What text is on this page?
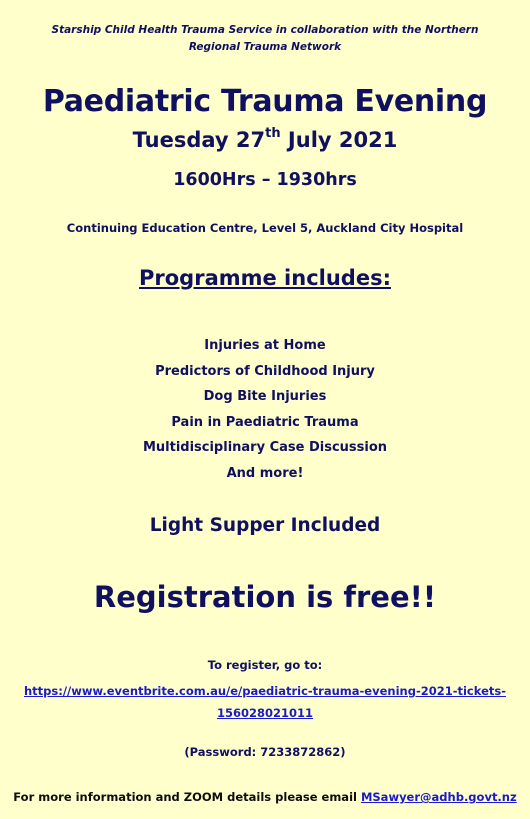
Starship Child Health Trauma Service in collaboration with the Northern
Regional Trauma Network
Paediatric Trauma Evening
Tuesday 27th July 2021
1600Hrs – 1930hrs
Continuing Education Centre, Level 5, Auckland City Hospital
Programme includes:
Injuries at Home
Predictors of Childhood Injury
Dog Bite Injuries
Pain in Paediatric Trauma
Multidisciplinary Case Discussion
And more!
Light Supper Included
Registration is free!!
To register, go to:
https://www.eventbrite.com.au/e/paediatric-trauma-evening-2021-tickets-
156028021011
(Password: 7233872862)
For more information and ZOOM details please email MSawyer@adhb.govt.nz
